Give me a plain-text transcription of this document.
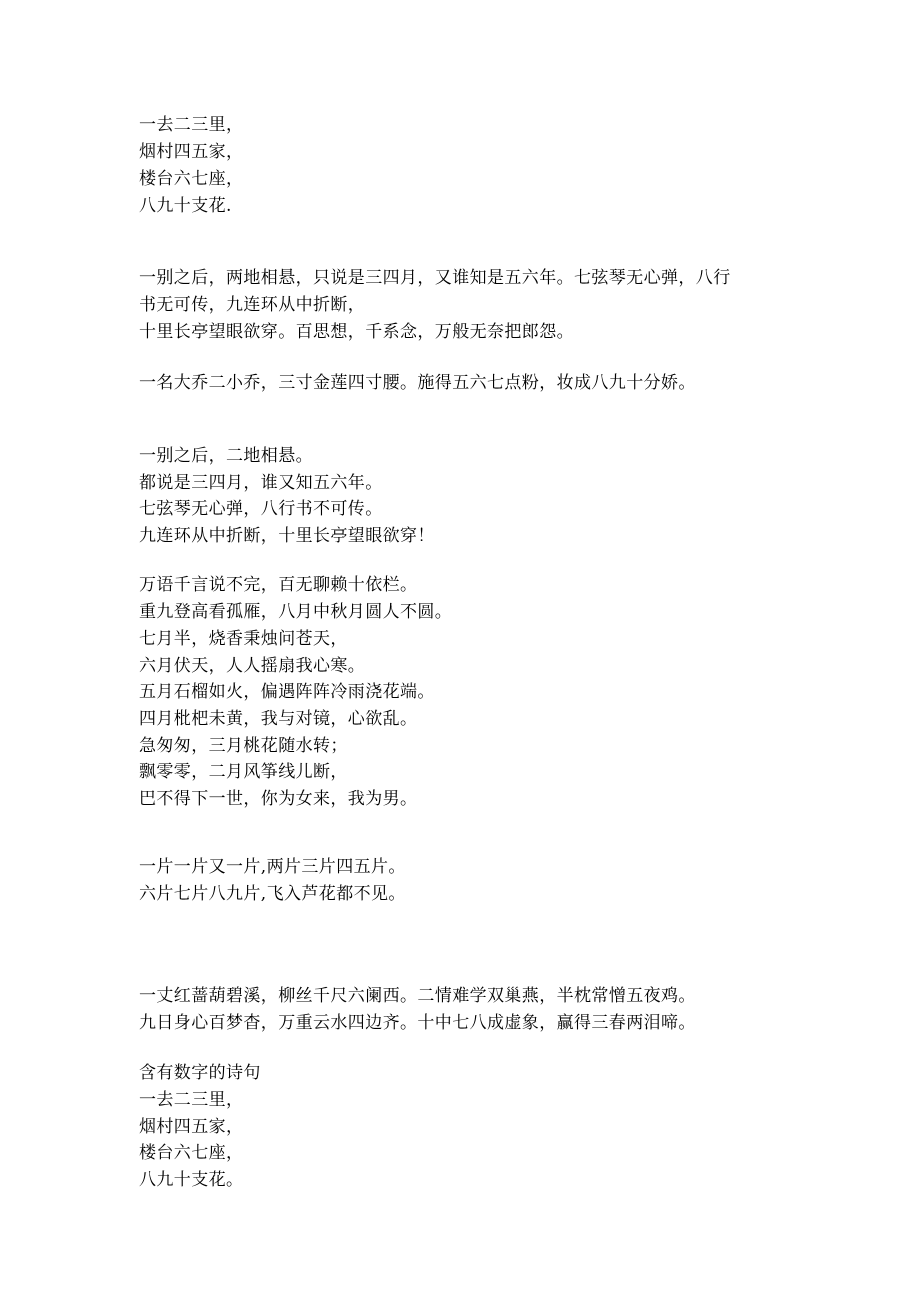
一去二三里，
烟村四五家，
楼台六七座，
八九十支花.
一别之后，两地相悬，只说是三四月，又谁知是五六年。七弦琴无心弹，八行
书无可传，九连环从中折断，
十里长亭望眼欲穿。百思想，千系念，万般无奈把郎怨。
一名大乔二小乔，三寸金莲四寸腰。施得五六七点粉，妆成八九十分娇。
一别之后，二地相悬。
都说是三四月，谁又知五六年。
七弦琴无心弹，八行书不可传。
九连环从中折断，十里长亭望眼欲穿！
万语千言说不完，百无聊赖十依栏。
重九登高看孤雁，八月中秋月圆人不圆。
七月半，烧香秉烛问苍天，
六月伏天，人人摇扇我心寒。
五月石榴如火，偏遇阵阵冷雨浇花端。
四月枇杷未黄，我与对镜，心欲乱。
急匆匆，三月桃花随水转；
飘零零，二月风筝线儿断，
巴不得下一世，你为女来，我为男。
一片一片又一片,两片三片四五片。
六片七片八九片,飞入芦花都不见。
一丈红蔷葫碧溪，柳丝千尺六阑西。二情难学双巢燕，半枕常憎五夜鸡。
九日身心百梦杳，万重云水四边齐。十中七八成虚象，赢得三春两泪啼。
含有数字的诗句
一去二三里，
烟村四五家，
楼台六七座，
八九十支花。
